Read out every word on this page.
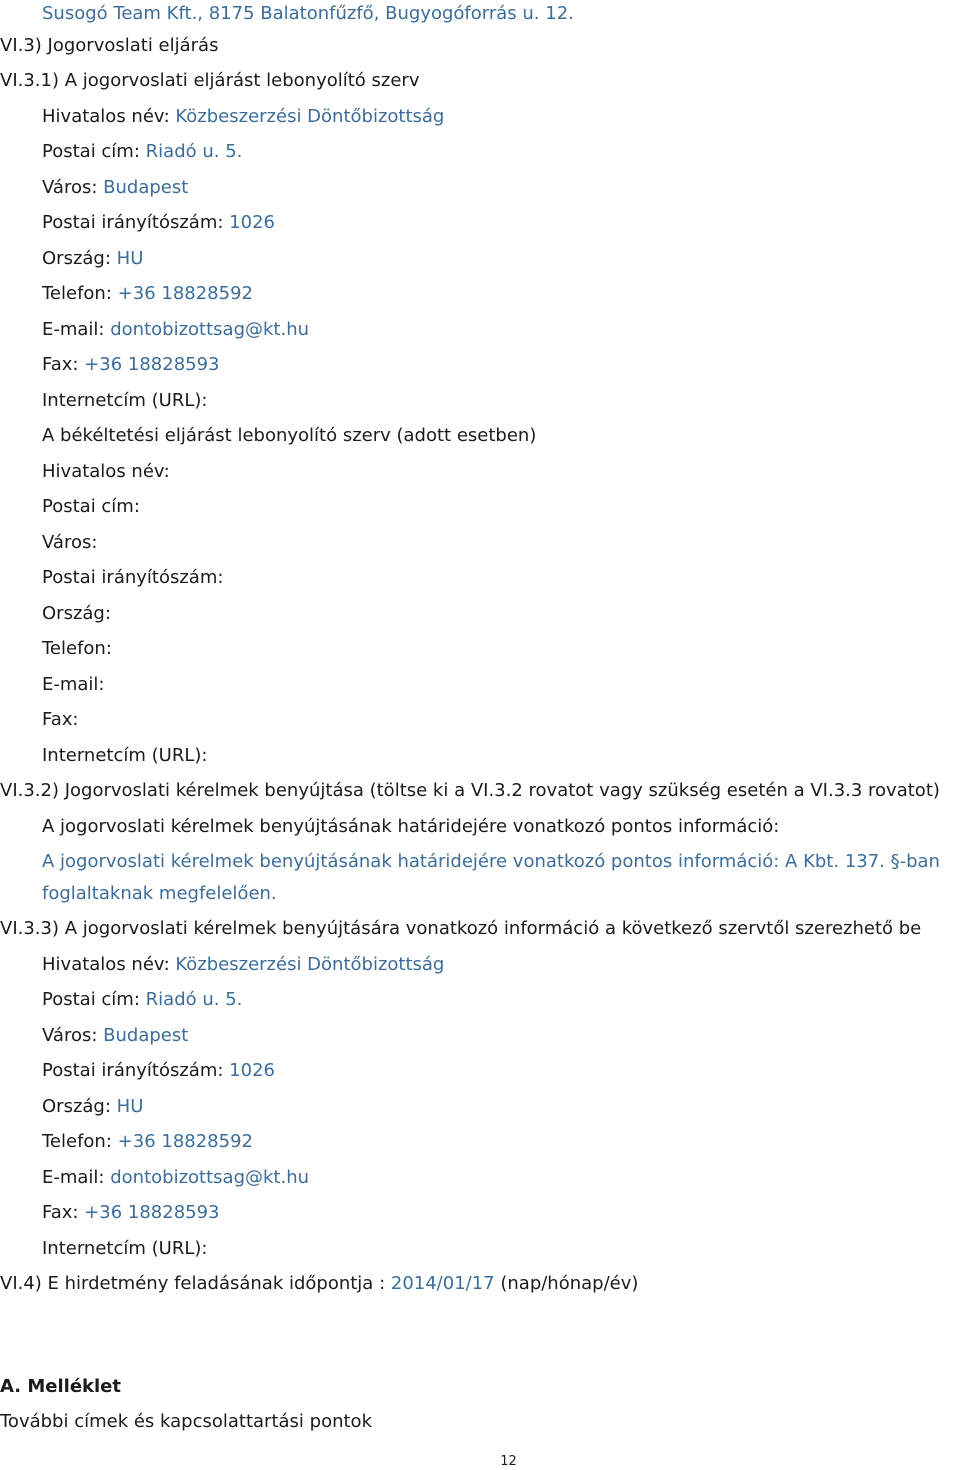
Susogó Team Kft., 8175 Balatonfűzfő, Bugyogóforrás u. 12.
VI.3) Jogorvoslati eljárás
VI.3.1) A jogorvoslati eljárást lebonyolító szerv
Hivatalos név: Közbeszerzési Döntőbizottság
Postai cím: Riadó u. 5.
Város: Budapest
Postai irányítószám: 1026
Ország: HU
Telefon: +36 18828592
E-mail: dontobizottsag@kt.hu
Fax: +36 18828593
Internetcím (URL):
A békéltetési eljárást lebonyolító szerv (adott esetben)
Hivatalos név:
Postai cím:
Város:
Postai irányítószám:
Ország:
Telefon:
E-mail:
Fax:
Internetcím (URL):
VI.3.2) Jogorvoslati kérelmek benyújtása (töltse ki a VI.3.2 rovatot vagy szükség esetén a VI.3.3 rovatot)
A jogorvoslati kérelmek benyújtásának határidejére vonatkozó pontos információ:
A jogorvoslati kérelmek benyújtásának határidejére vonatkozó pontos információ: A Kbt. 137. §-ban
foglaltaknak megfelelően.
VI.3.3) A jogorvoslati kérelmek benyújtására vonatkozó információ a következő szervtől szerezhető be
Hivatalos név: Közbeszerzési Döntőbizottság
Postai cím: Riadó u. 5.
Város: Budapest
Postai irányítószám: 1026
Ország: HU
Telefon: +36 18828592
E-mail: dontobizottsag@kt.hu
Fax: +36 18828593
Internetcím (URL):
VI.4) E hirdetmény feladásának időpontja : 2014/01/17 (nap/hónap/év)
A. Melléklet
További címek és kapcsolattartási pontok
12
